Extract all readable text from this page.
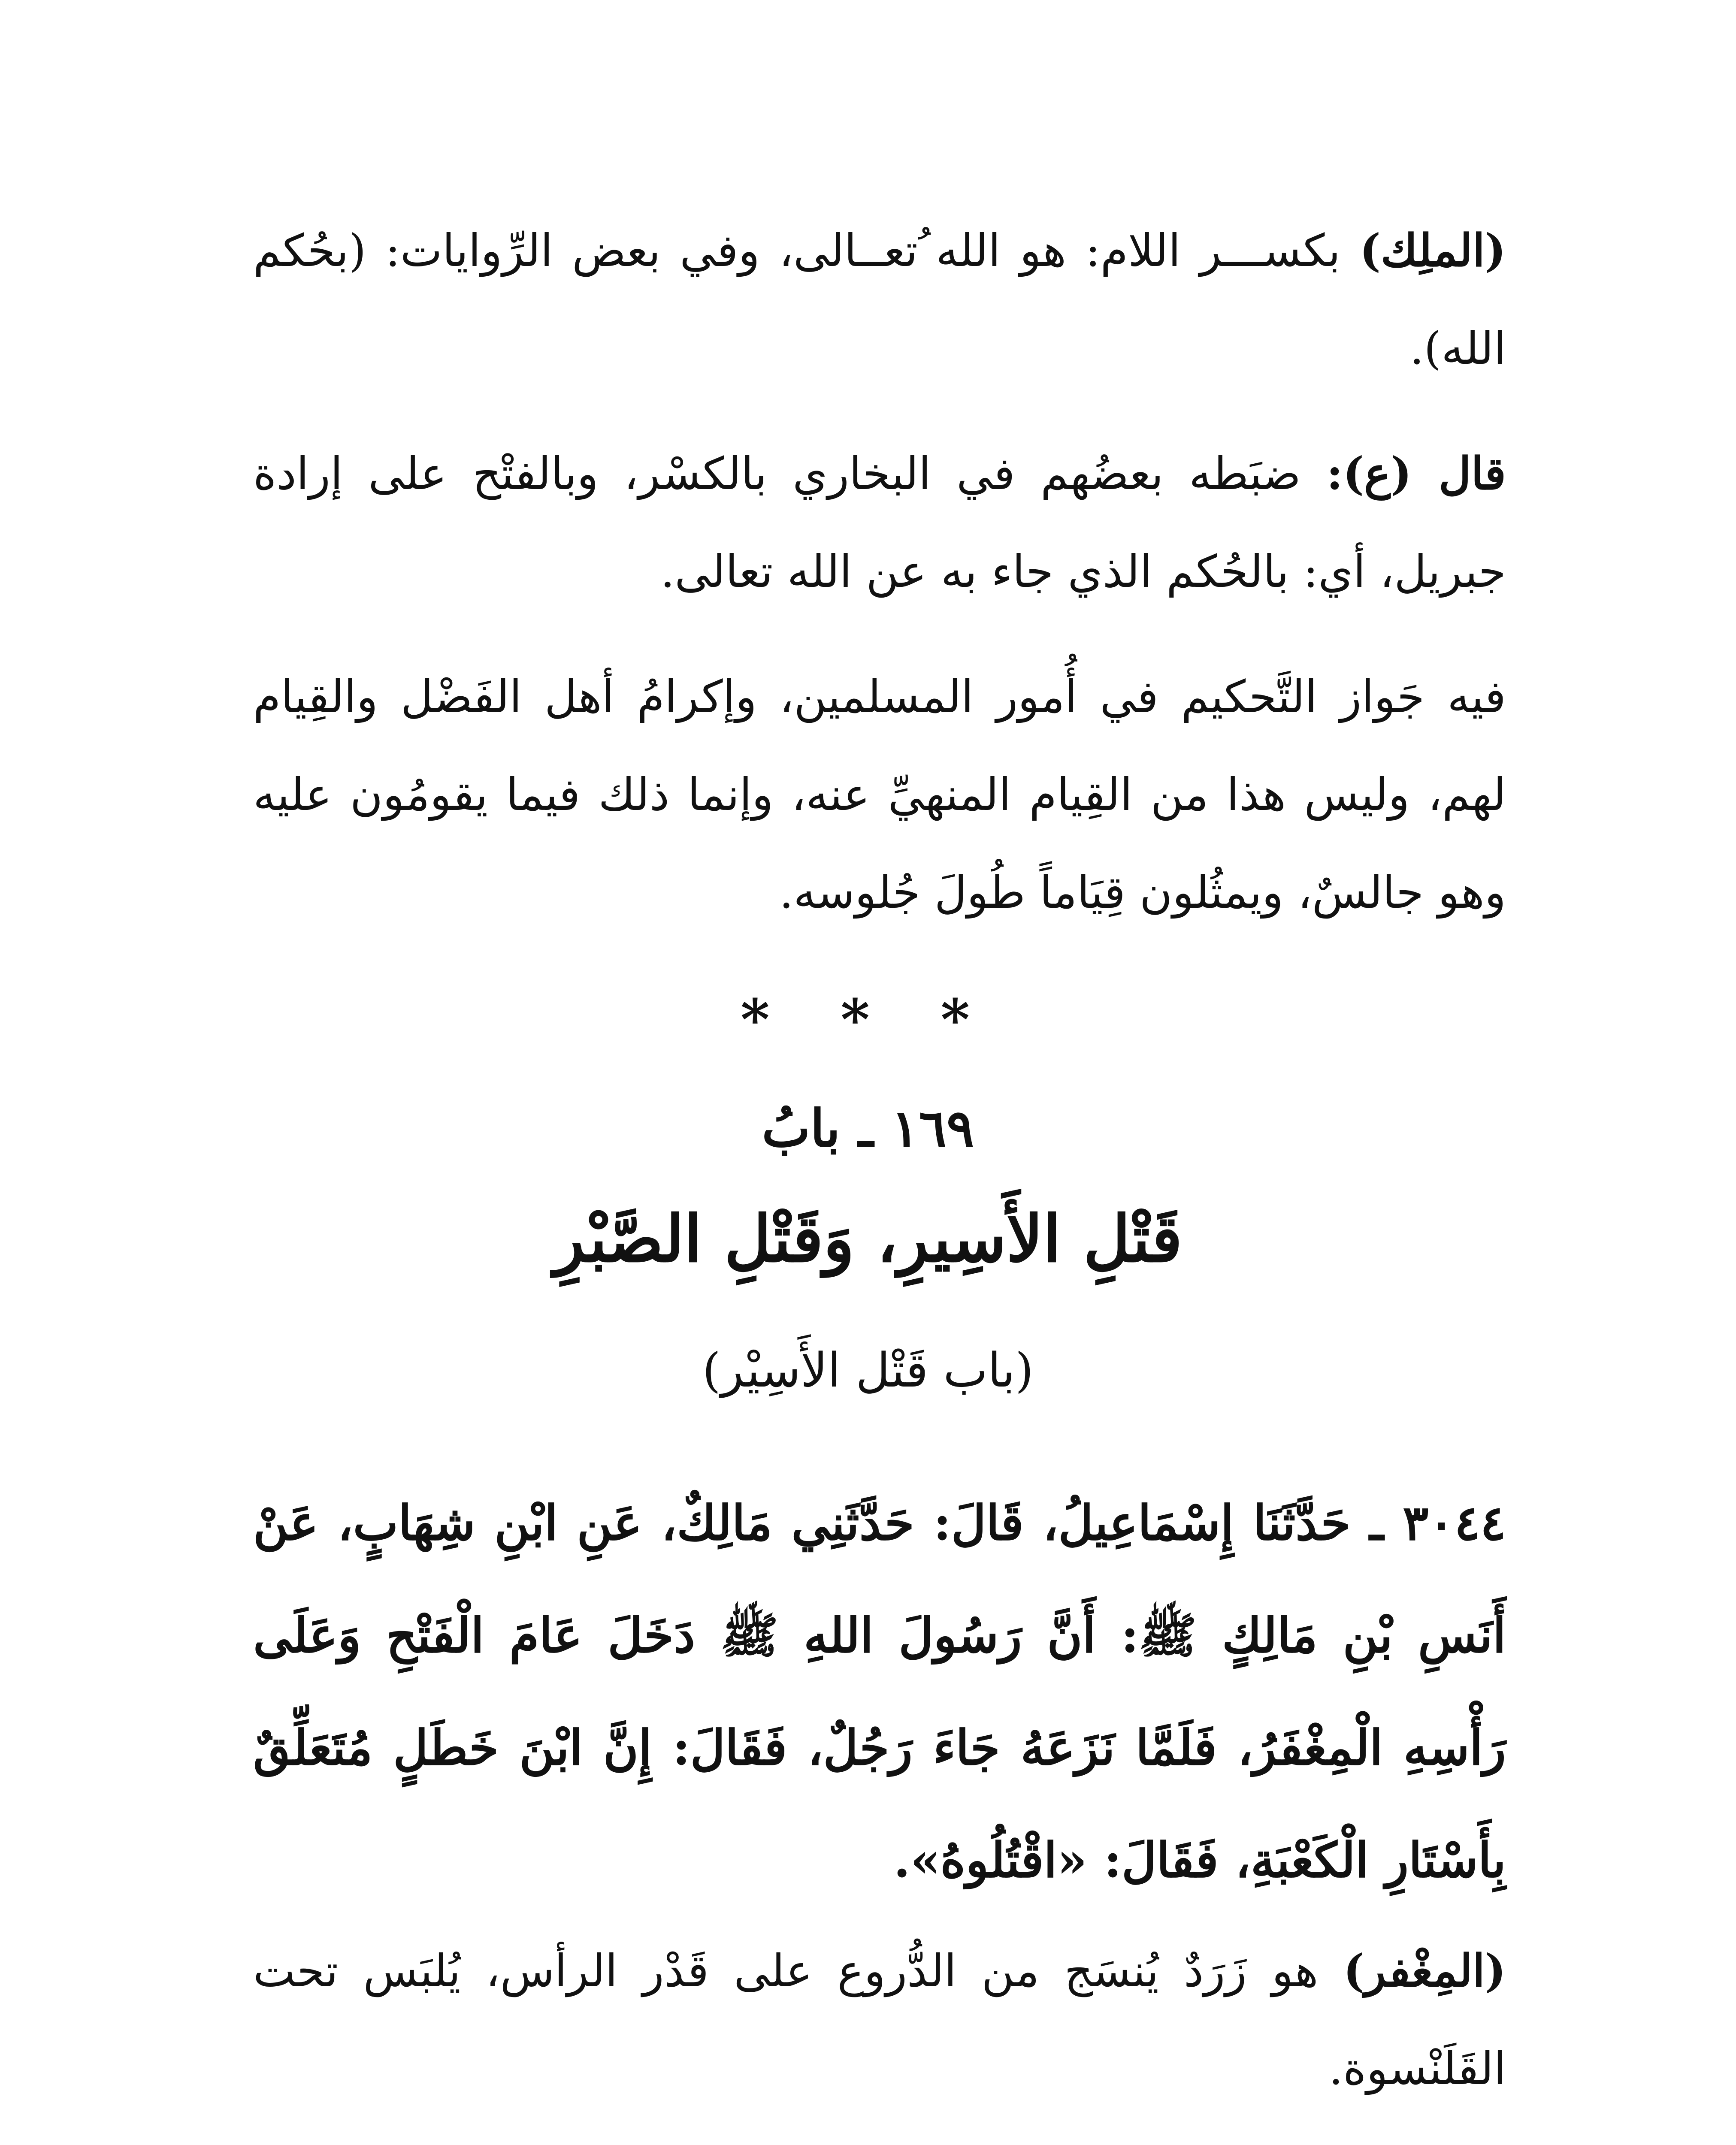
(الملِك) بكســـر اللام: هو الله ُتعــالى، وفي بعض الرِّوايات: (بحُكم الله).

قال (ع): ضبَطه بعضُهم في البخاري بالكسْر، وبالفتْح على إرادة جبريل، أي: بالحُكم الذي جاء به عن الله تعالى.

فيه جَواز التَّحكيم في أُمور المسلمين، وإكرامُ أهل الفَضْل والقِيام لهم، وليس هذا من القِيام المنهيِّ عنه، وإنما ذلك فيما يقومُون عليه وهو جالسٌ، ويمثُلون قِيَاماً طُولَ جُلوسه.

* * *
١٦٩ ـ بابُ
قَتْلِ الأَسِيرِ، وَقَتْلِ الصَّبْرِ
(باب قَتْل الأَسِيْر)

٣٠٤٤ ـ حَدَّثَنَا إِسْمَاعِيلُ، قَالَ: حَدَّثَنِي مَالِكٌ، عَنِ ابْنِ شِهَابٍ، عَنْ أَنَسِ بْنِ مَالِكٍ ﷺ: أَنَّ رَسُولَ اللهِ ﷺ دَخَلَ عَامَ الْفَتْحِ وَعَلَى رَأْسِهِ الْمِغْفَرُ، فَلَمَّا نَزَعَهُ جَاءَ رَجُلٌ، فَقَالَ: إِنَّ ابْنَ خَطَلٍ مُتَعَلِّقٌ بِأَسْتَارِ الْكَعْبَةِ، فَقَالَ: «اقْتُلُوهُ».

(المِغْفر) هو زَرَدٌ يُنسَج من الدُّروع على قَدْر الرأس، يُلبَس تحت القَلَنْسوة.
